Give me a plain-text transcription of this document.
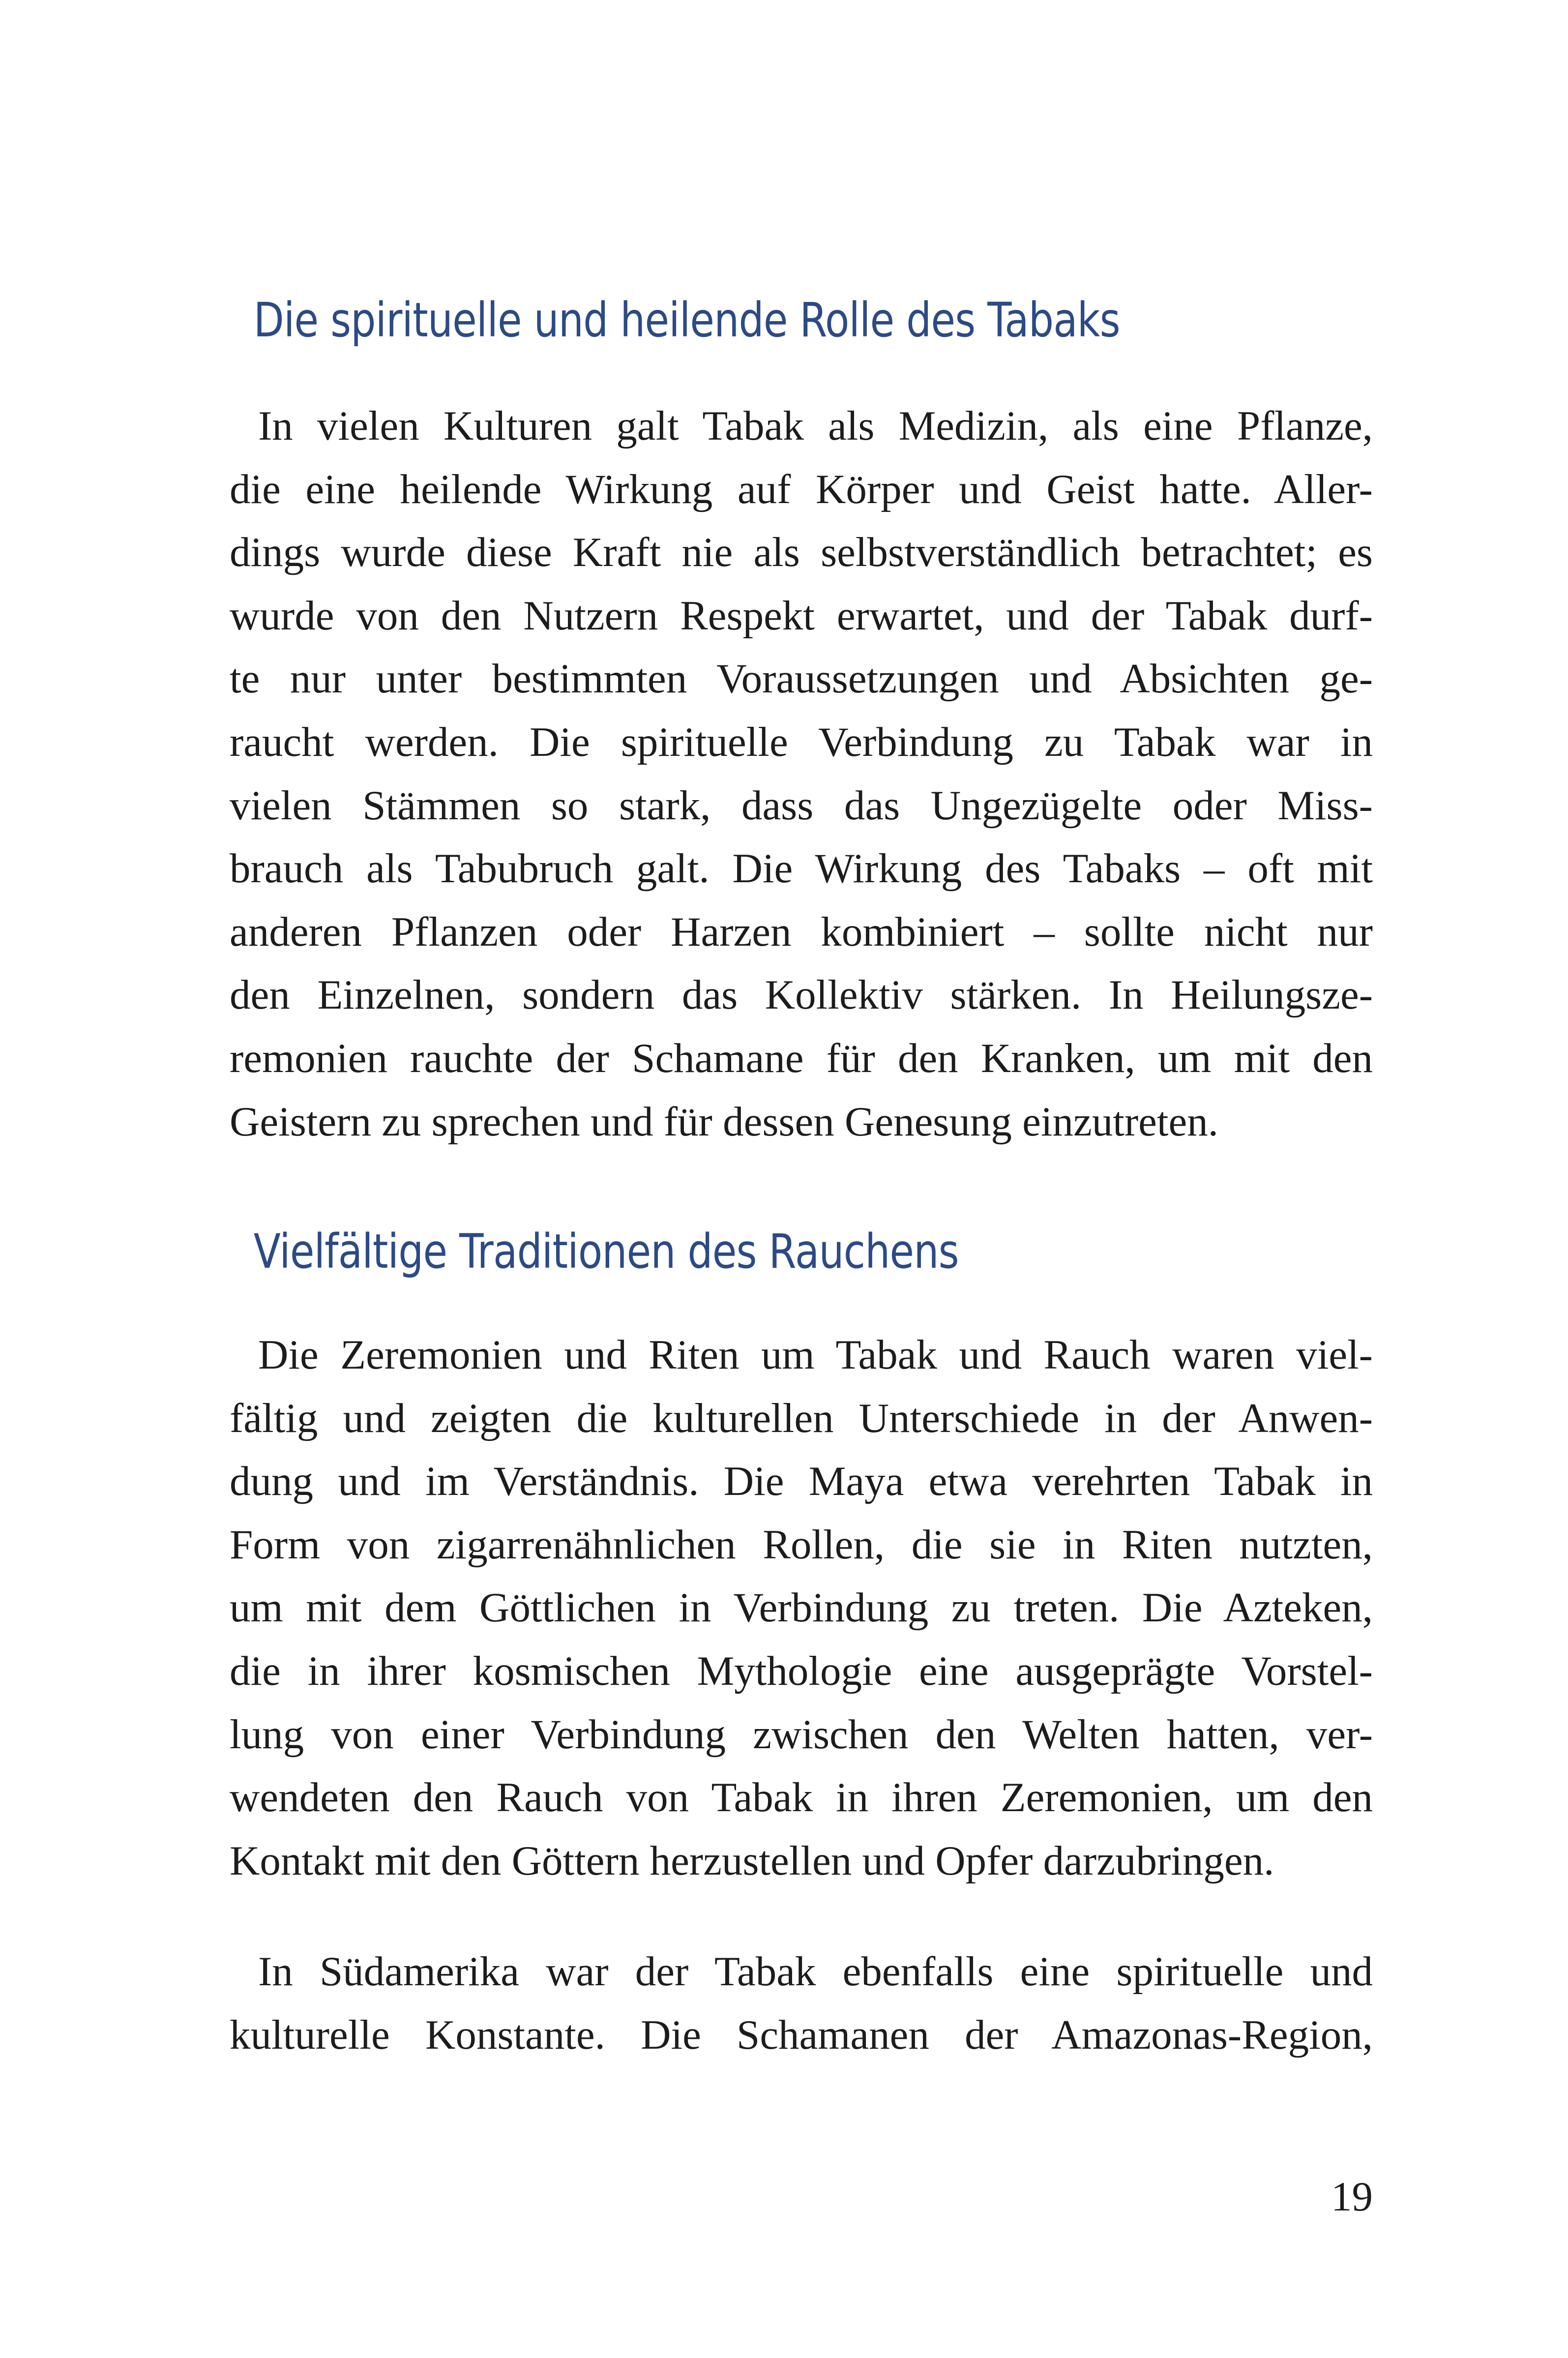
Die spirituelle und heilende Rolle des Tabaks
In vielen Kulturen galt Tabak als Medizin, als eine Pflanze,
die eine heilende Wirkung auf Körper und Geist hatte. Aller-
dings wurde diese Kraft nie als selbstverständlich betrachtet; es
wurde von den Nutzern Respekt erwartet, und der Tabak durf-
te nur unter bestimmten Voraussetzungen und Absichten ge-
raucht werden. Die spirituelle Verbindung zu Tabak war in
vielen Stämmen so stark, dass das Ungezügelte oder Miss-
brauch als Tabubruch galt. Die Wirkung des Tabaks – oft mit
anderen Pflanzen oder Harzen kombiniert – sollte nicht nur
den Einzelnen, sondern das Kollektiv stärken. In Heilungsze-
remonien rauchte der Schamane für den Kranken, um mit den
Geistern zu sprechen und für dessen Genesung einzutreten.
Vielfältige Traditionen des Rauchens
Die Zeremonien und Riten um Tabak und Rauch waren viel-
fältig und zeigten die kulturellen Unterschiede in der Anwen-
dung und im Verständnis. Die Maya etwa verehrten Tabak in
Form von zigarrenähnlichen Rollen, die sie in Riten nutzten,
um mit dem Göttlichen in Verbindung zu treten. Die Azteken,
die in ihrer kosmischen Mythologie eine ausgeprägte Vorstel-
lung von einer Verbindung zwischen den Welten hatten, ver-
wendeten den Rauch von Tabak in ihren Zeremonien, um den
Kontakt mit den Göttern herzustellen und Opfer darzubringen.
In Südamerika war der Tabak ebenfalls eine spirituelle und
kulturelle Konstante. Die Schamanen der Amazonas-Region,
19
